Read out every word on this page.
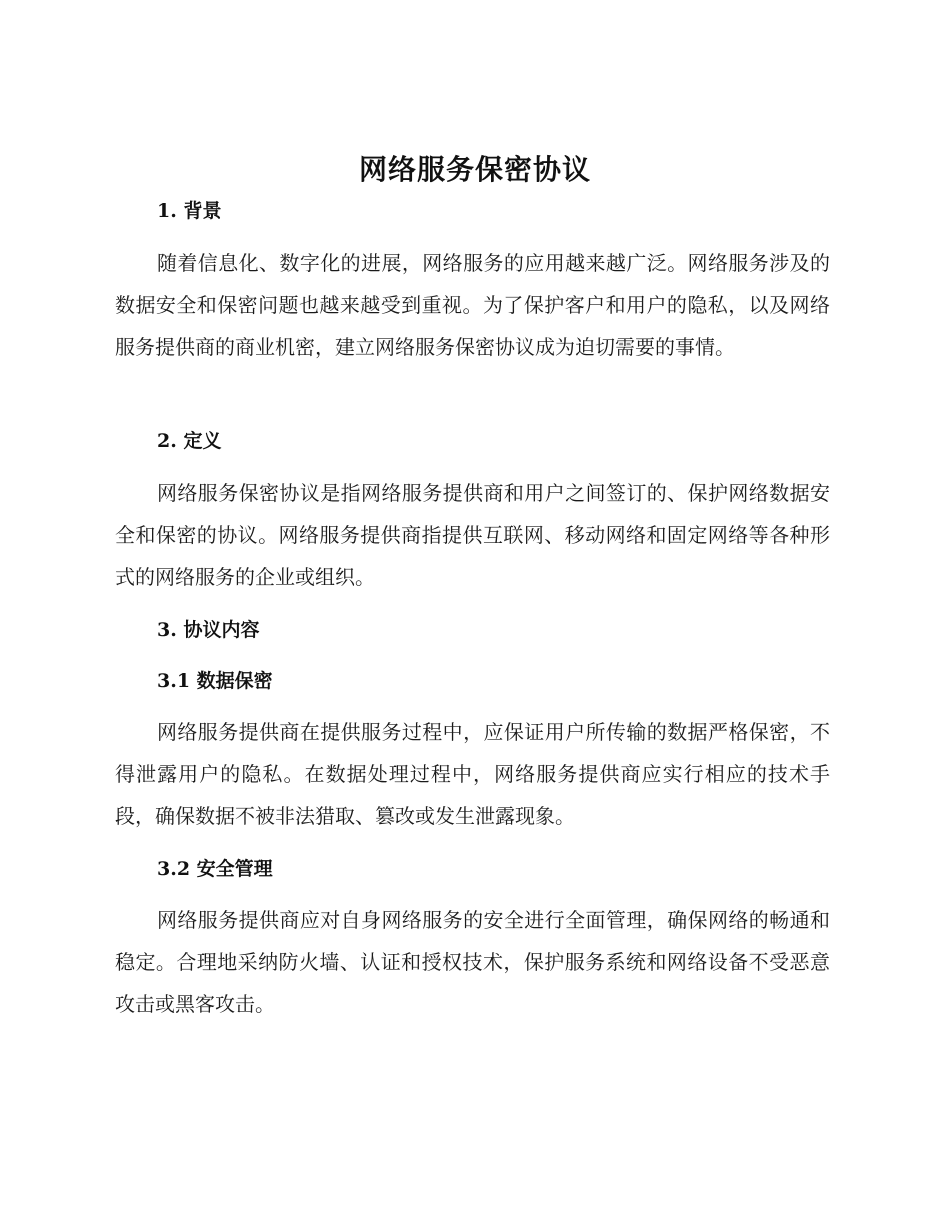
网络服务保密协议
1. 背景
随着信息化、数字化的进展，网络服务的应用越来越广泛。网络服务涉及的数据安全和保密问题也越来越受到重视。为了保护客户和用户的隐私，以及网络服务提供商的商业机密，建立网络服务保密协议成为迫切需要的事情。
2. 定义
网络服务保密协议是指网络服务提供商和用户之间签订的、保护网络数据安全和保密的协议。网络服务提供商指提供互联网、移动网络和固定网络等各种形式的网络服务的企业或组织。
3. 协议内容
3.1 数据保密
网络服务提供商在提供服务过程中，应保证用户所传输的数据严格保密，不得泄露用户的隐私。在数据处理过程中，网络服务提供商应实行相应的技术手段，确保数据不被非法猎取、篡改或发生泄露现象。
3.2 安全管理
网络服务提供商应对自身网络服务的安全进行全面管理，确保网络的畅通和稳定。合理地采纳防火墙、认证和授权技术，保护服务系统和网络设备不受恶意攻击或黑客攻击。
